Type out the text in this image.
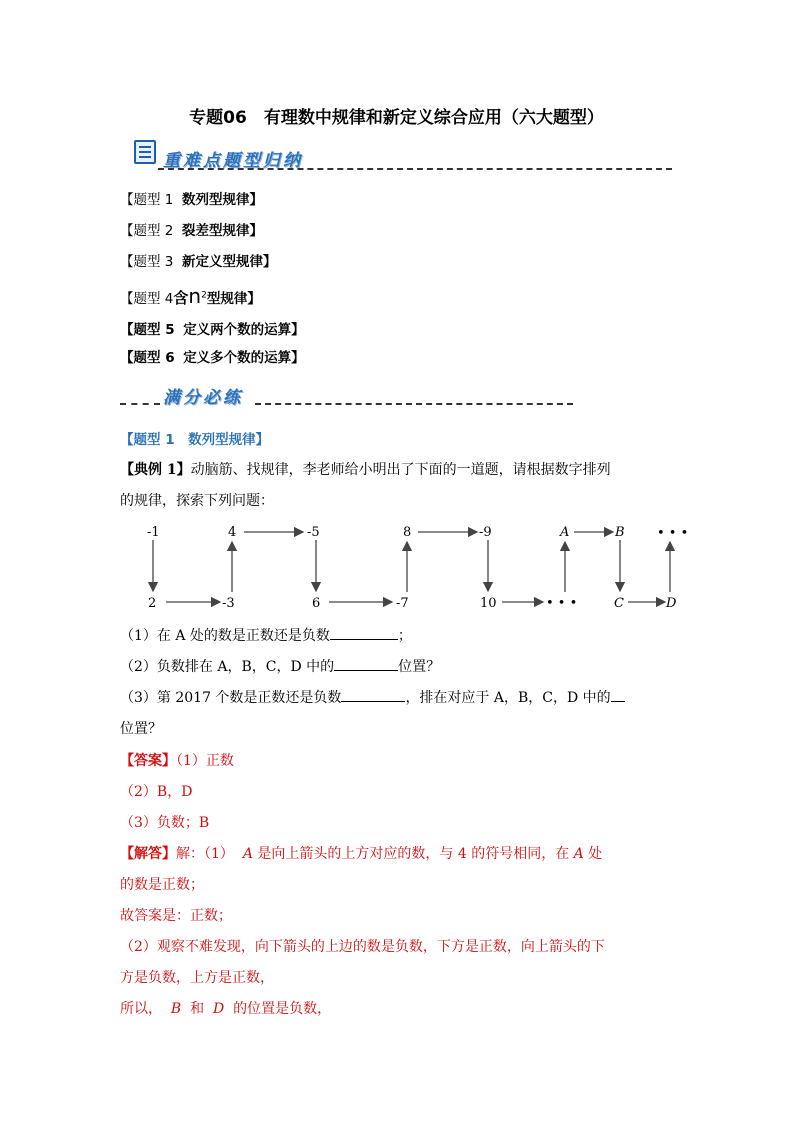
专题06　有理数中规律和新定义综合应用（六大题型）
重难点题型归纳
【题型 1 数列型规律】
【题型 2 裂差型规律】
【题型 3 新定义型规律】
【题型 4含$n^2$型规律】
【题型 5 定义两个数的运算】
【题型 6 定义多个数的运算】
满分必练
【题型 1　数列型规律】
【典例 1】动脑筋、找规律，李老师给小明出了下面的一道题，请根据数字排列
的规律，探索下列问题：
-1
2	-3
4	-5
6	-7
8	-9
10	• • •
A	B
C	D
• • •
（1）在 A 处的数是正数还是负数	；
（2）负数排在 A，B，C，D 中的	位置？
（3）第 2017 个数是正数还是负数	，排在对应于 A，B，C，D 中的
位置？
【答案】（1）正数
（2）B，D
（3）负数；B
【解答】解：（1） A 是向上箭头的上方对应的数，与 4 的符号相同，在 A 处
的数是正数；
故答案是：正数；
（2）观察不难发现，向下箭头的上边的数是负数，下方是正数，向上箭头的下
方是负数，上方是正数，
所以， B 和 D 的位置是负数，
